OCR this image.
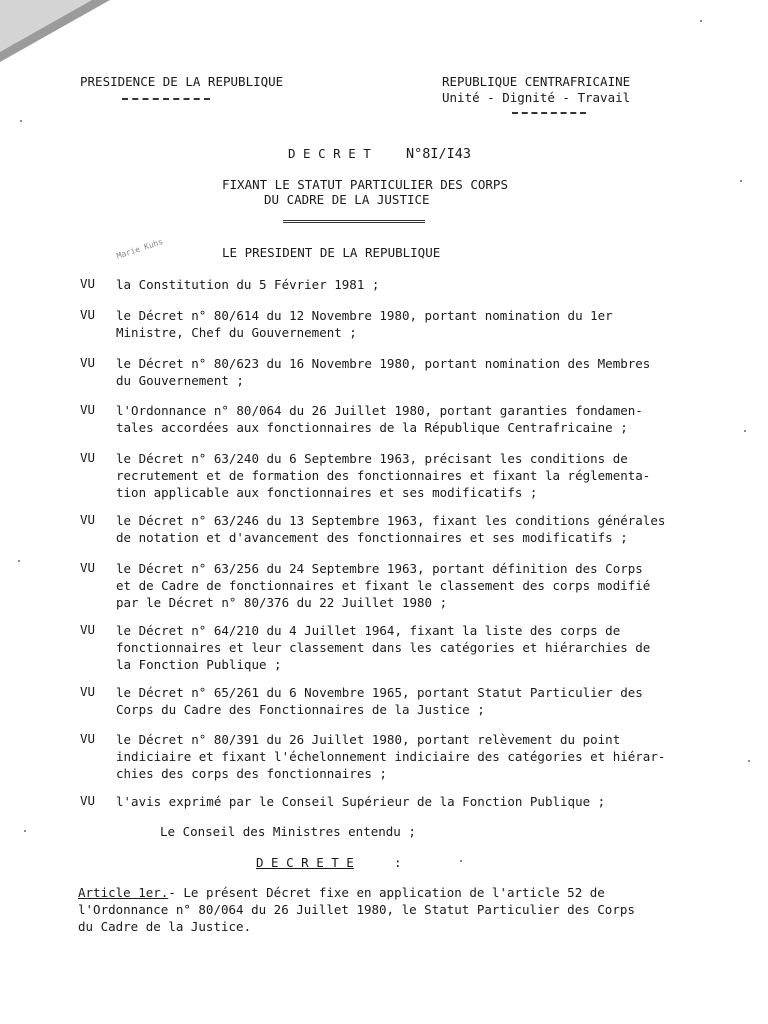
PRESIDENCE DE LA REPUBLIQUE	REPUBLIQUE CENTRAFRICAINE
Unité - Dignité - Travail
D E C R E T	N°8I/I43
FIXANT LE STATUT PARTICULIER DES CORPS
DU CADRE DE LA JUSTICE
Marie Kuhs	LE PRESIDENT DE LA REPUBLIQUE
VU la Constitution du 5 Février 1981 ;
VU le Décret n° 80/614 du 12 Novembre 1980, portant nomination du 1er
Ministre, Chef du Gouvernement ;
VU le Décret n° 80/623 du 16 Novembre 1980, portant nomination des Membres
du Gouvernement ;
VU l'Ordonnance n° 80/064 du 26 Juillet 1980, portant garanties fondamen-
tales accordées aux fonctionnaires de la République Centrafricaine ;
VU le Décret n° 63/240 du 6 Septembre 1963, précisant les conditions de
recrutement et de formation des fonctionnaires et fixant la réglementa-
tion applicable aux fonctionnaires et ses modificatifs ;
VU le Décret n° 63/246 du 13 Septembre 1963, fixant les conditions générales
de notation et d'avancement des fonctionnaires et ses modificatifs ;
VU le Décret n° 63/256 du 24 Septembre 1963, portant définition des Corps
et de Cadre de fonctionnaires et fixant le classement des corps modifié
par le Décret n° 80/376 du 22 Juillet 1980 ;
VU le Décret n° 64/210 du 4 Juillet 1964, fixant la liste des corps de
fonctionnaires et leur classement dans les catégories et hiérarchies de
la Fonction Publique ;
VU le Décret n° 65/261 du 6 Novembre 1965, portant Statut Particulier des
Corps du Cadre des Fonctionnaires de la Justice ;
VU le Décret n° 80/391 du 26 Juillet 1980, portant relèvement du point
indiciaire et fixant l'échelonnement indiciaire des catégories et hiérar-
chies des corps des fonctionnaires ;
VU l'avis exprimé par le Conseil Supérieur de la Fonction Publique ;
Le Conseil des Ministres entendu ;
D E C R E T E	:
Article 1er.- Le présent Décret fixe en application de l'article 52 de
l'Ordonnance n° 80/064 du 26 Juillet 1980, le Statut Particulier des Corps
du Cadre de la Justice.
